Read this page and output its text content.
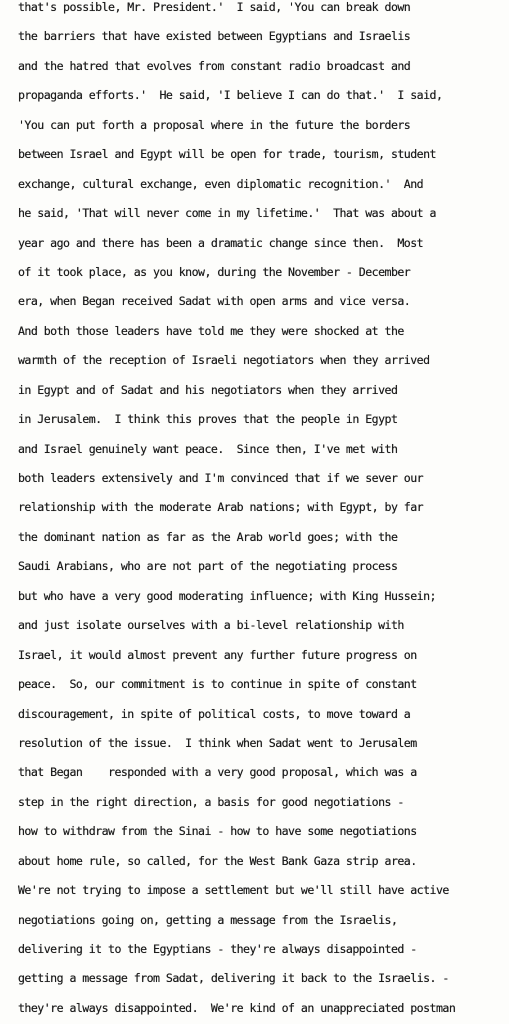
that's possible, Mr. President.'  I said, 'You can break down
the barriers that have existed between Egyptians and Israelis
and the hatred that evolves from constant radio broadcast and
propaganda efforts.'  He said, 'I believe I can do that.'  I said,
'You can put forth a proposal where in the future the borders
between Israel and Egypt will be open for trade, tourism, student
exchange, cultural exchange, even diplomatic recognition.'  And
he said, 'That will never come in my lifetime.'  That was about a
year ago and there has been a dramatic change since then.  Most
of it took place, as you know, during the November - December
era, when Began received Sadat with open arms and vice versa.
And both those leaders have told me they were shocked at the
warmth of the reception of Israeli negotiators when they arrived
in Egypt and of Sadat and his negotiators when they arrived
in Jerusalem.  I think this proves that the people in Egypt
and Israel genuinely want peace.  Since then, I've met with
both leaders extensively and I'm convinced that if we sever our
relationship with the moderate Arab nations; with Egypt, by far
the dominant nation as far as the Arab world goes; with the
Saudi Arabians, who are not part of the negotiating process
but who have a very good moderating influence; with King Hussein;
and just isolate ourselves with a bi-level relationship with
Israel, it would almost prevent any further future progress on
peace.  So, our commitment is to continue in spite of constant
discouragement, in spite of political costs, to move toward a
resolution of the issue.  I think when Sadat went to Jerusalem
that Began    responded with a very good proposal, which was a
step in the right direction, a basis for good negotiations -
how to withdraw from the Sinai - how to have some negotiations
about home rule, so called, for the West Bank Gaza strip area.
We're not trying to impose a settlement but we'll still have active
negotiations going on, getting a message from the Israelis,
delivering it to the Egyptians - they're always disappointed -
getting a message from Sadat, delivering it back to the Israelis. -
they're always disappointed.  We're kind of an unappreciated postman
